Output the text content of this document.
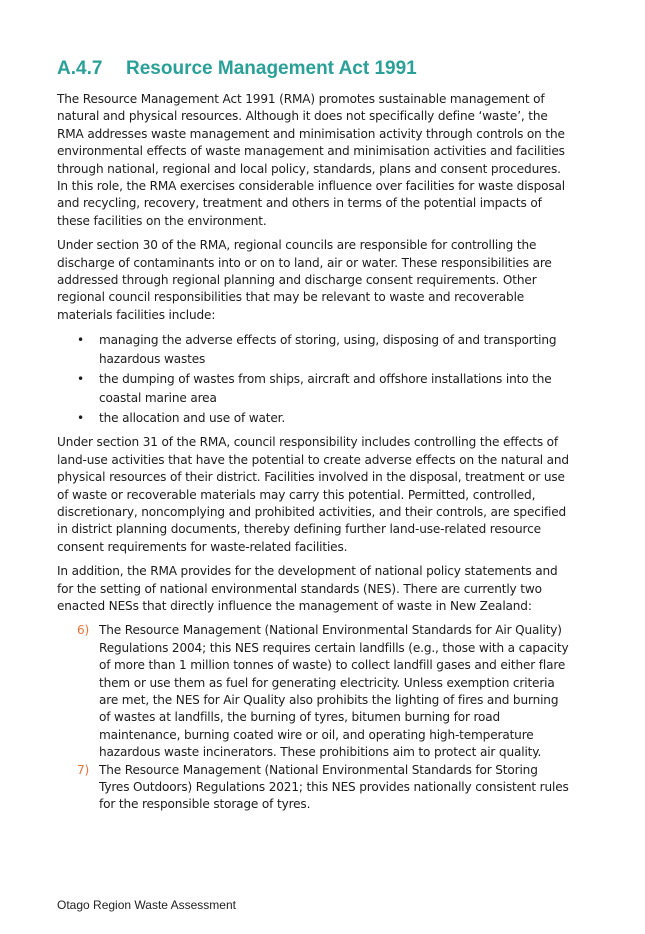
A.4.7 Resource Management Act 1991

The Resource Management Act 1991 (RMA) promotes sustainable management of natural and physical resources. Although it does not specifically define ‘waste’, the RMA addresses waste management and minimisation activity through controls on the environmental effects of waste management and minimisation activities and facilities through national, regional and local policy, standards, plans and consent procedures. In this role, the RMA exercises considerable influence over facilities for waste disposal and recycling, recovery, treatment and others in terms of the potential impacts of these facilities on the environment.

Under section 30 of the RMA, regional councils are responsible for controlling the discharge of contaminants into or on to land, air or water. These responsibilities are addressed through regional planning and discharge consent requirements. Other regional council responsibilities that may be relevant to waste and recoverable materials facilities include:

• managing the adverse effects of storing, using, disposing of and transporting hazardous wastes
• the dumping of wastes from ships, aircraft and offshore installations into the coastal marine area
• the allocation and use of water.

Under section 31 of the RMA, council responsibility includes controlling the effects of land-use activities that have the potential to create adverse effects on the natural and physical resources of their district. Facilities involved in the disposal, treatment or use of waste or recoverable materials may carry this potential. Permitted, controlled, discretionary, noncomplying and prohibited activities, and their controls, are specified in district planning documents, thereby defining further land-use-related resource consent requirements for waste-related facilities.

In addition, the RMA provides for the development of national policy statements and for the setting of national environmental standards (NES). There are currently two enacted NESs that directly influence the management of waste in New Zealand:

6) The Resource Management (National Environmental Standards for Air Quality) Regulations 2004; this NES requires certain landfills (e.g., those with a capacity of more than 1 million tonnes of waste) to collect landfill gases and either flare them or use them as fuel for generating electricity. Unless exemption criteria are met, the NES for Air Quality also prohibits the lighting of fires and burning of wastes at landfills, the burning of tyres, bitumen burning for road maintenance, burning coated wire or oil, and operating high-temperature hazardous waste incinerators. These prohibitions aim to protect air quality.
7) The Resource Management (National Environmental Standards for Storing Tyres Outdoors) Regulations 2021; this NES provides nationally consistent rules for the responsible storage of tyres.
Otago Region Waste Assessment
